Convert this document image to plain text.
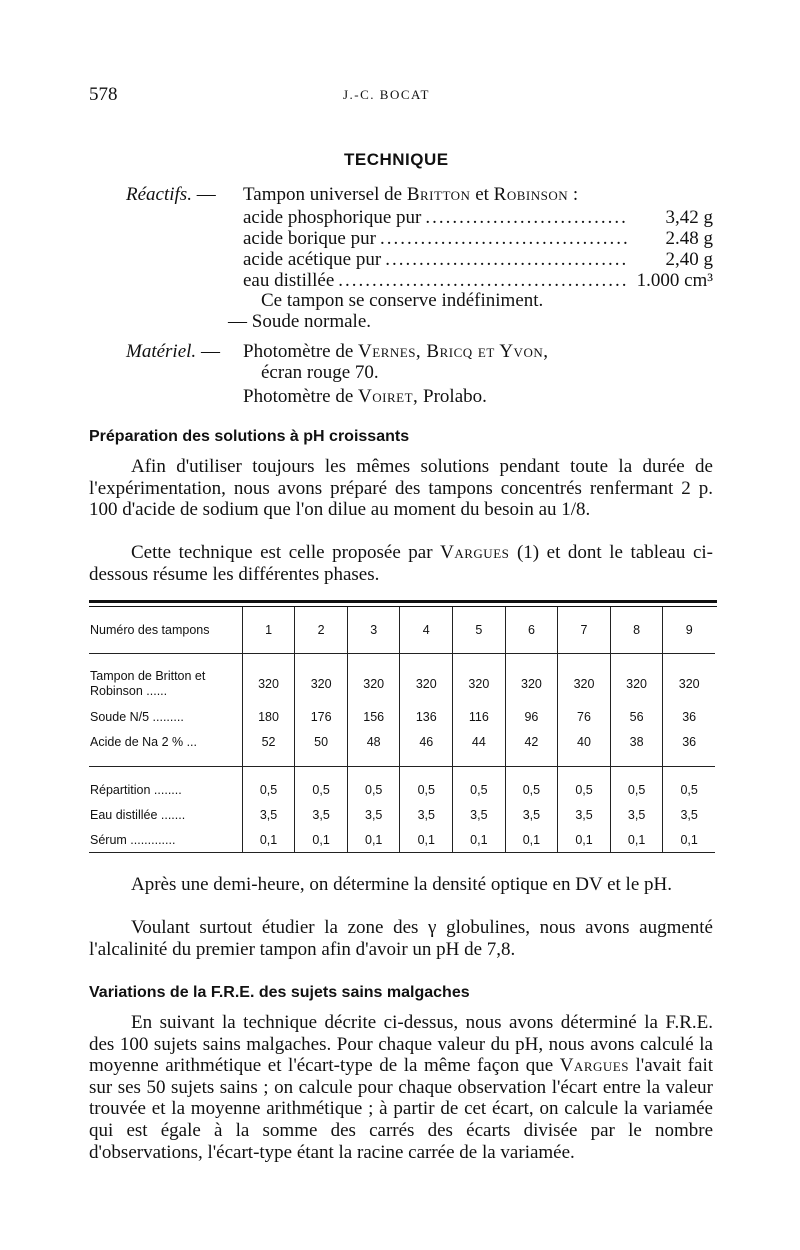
578	J.-C. BOCAT
TECHNIQUE
Réactifs. — Tampon universel de Britton et Robinson :
acide phosphorique pur .....	3,42 g
acide borique pur .....	2.48 g
acide acétique pur .....	2,40 g
eau distillée .....	1.000 cm³
Ce tampon se conserve indéfiniment.
— Soude normale.
Matériel. — Photomètre de Vernes, Bricq et Yvon,
écran rouge 70.
Photomètre de Voiret, Prolabo.
Préparation des solutions à pH croissants

Afin d'utiliser toujours les mêmes solutions pendant toute la durée de l'expérimentation, nous avons préparé des tampons concentrés renfermant 2 p. 100 d'acide de sodium que l'on dilue au moment du besoin au 1/8.

Cette technique est celle proposée par Vargues (1) et dont le tableau ci-dessous résume les différentes phases.

Numéro des tampons	1	2	3	4	5	6	7	8	9

Tampon de Britton et Robinson ......	320	320	320	320	320	320	320	320	320
Soude N/5 .........	180	176	156	136	116	96	76	56	36
Acide de Na 2 % ...	52	50	48	46	44	42	40	38	36

Répartition ........	0,5	0,5	0,5	0,5	0,5	0,5	0,5	0,5	0,5
Eau distillée .......	3,5	3,5	3,5	3,5	3,5	3,5	3,5	3,5	3,5
Sérum .............	0,1	0,1	0,1	0,1	0,1	0,1	0,1	0,1	0,1

Après une demi-heure, on détermine la densité optique en DV et le pH.

Voulant surtout étudier la zone des γ globulines, nous avons augmenté l'alcalinité du premier tampon afin d'avoir un pH de 7,8.

Variations de la F.R.E. des sujets sains malgaches

En suivant la technique décrite ci-dessus, nous avons déterminé la F.R.E. des 100 sujets sains malgaches. Pour chaque valeur du pH, nous avons calculé la moyenne arithmétique et l'écart-type de la même façon que Vargues l'avait fait sur ses 50 sujets sains ; on calcule pour chaque observation l'écart entre la valeur trouvée et la moyenne arithmétique ; à partir de cet écart, on calcule la variamée qui est égale à la somme des carrés des écarts divisée par le nombre d'observations, l'écart-type étant la racine carrée de la variamée.
